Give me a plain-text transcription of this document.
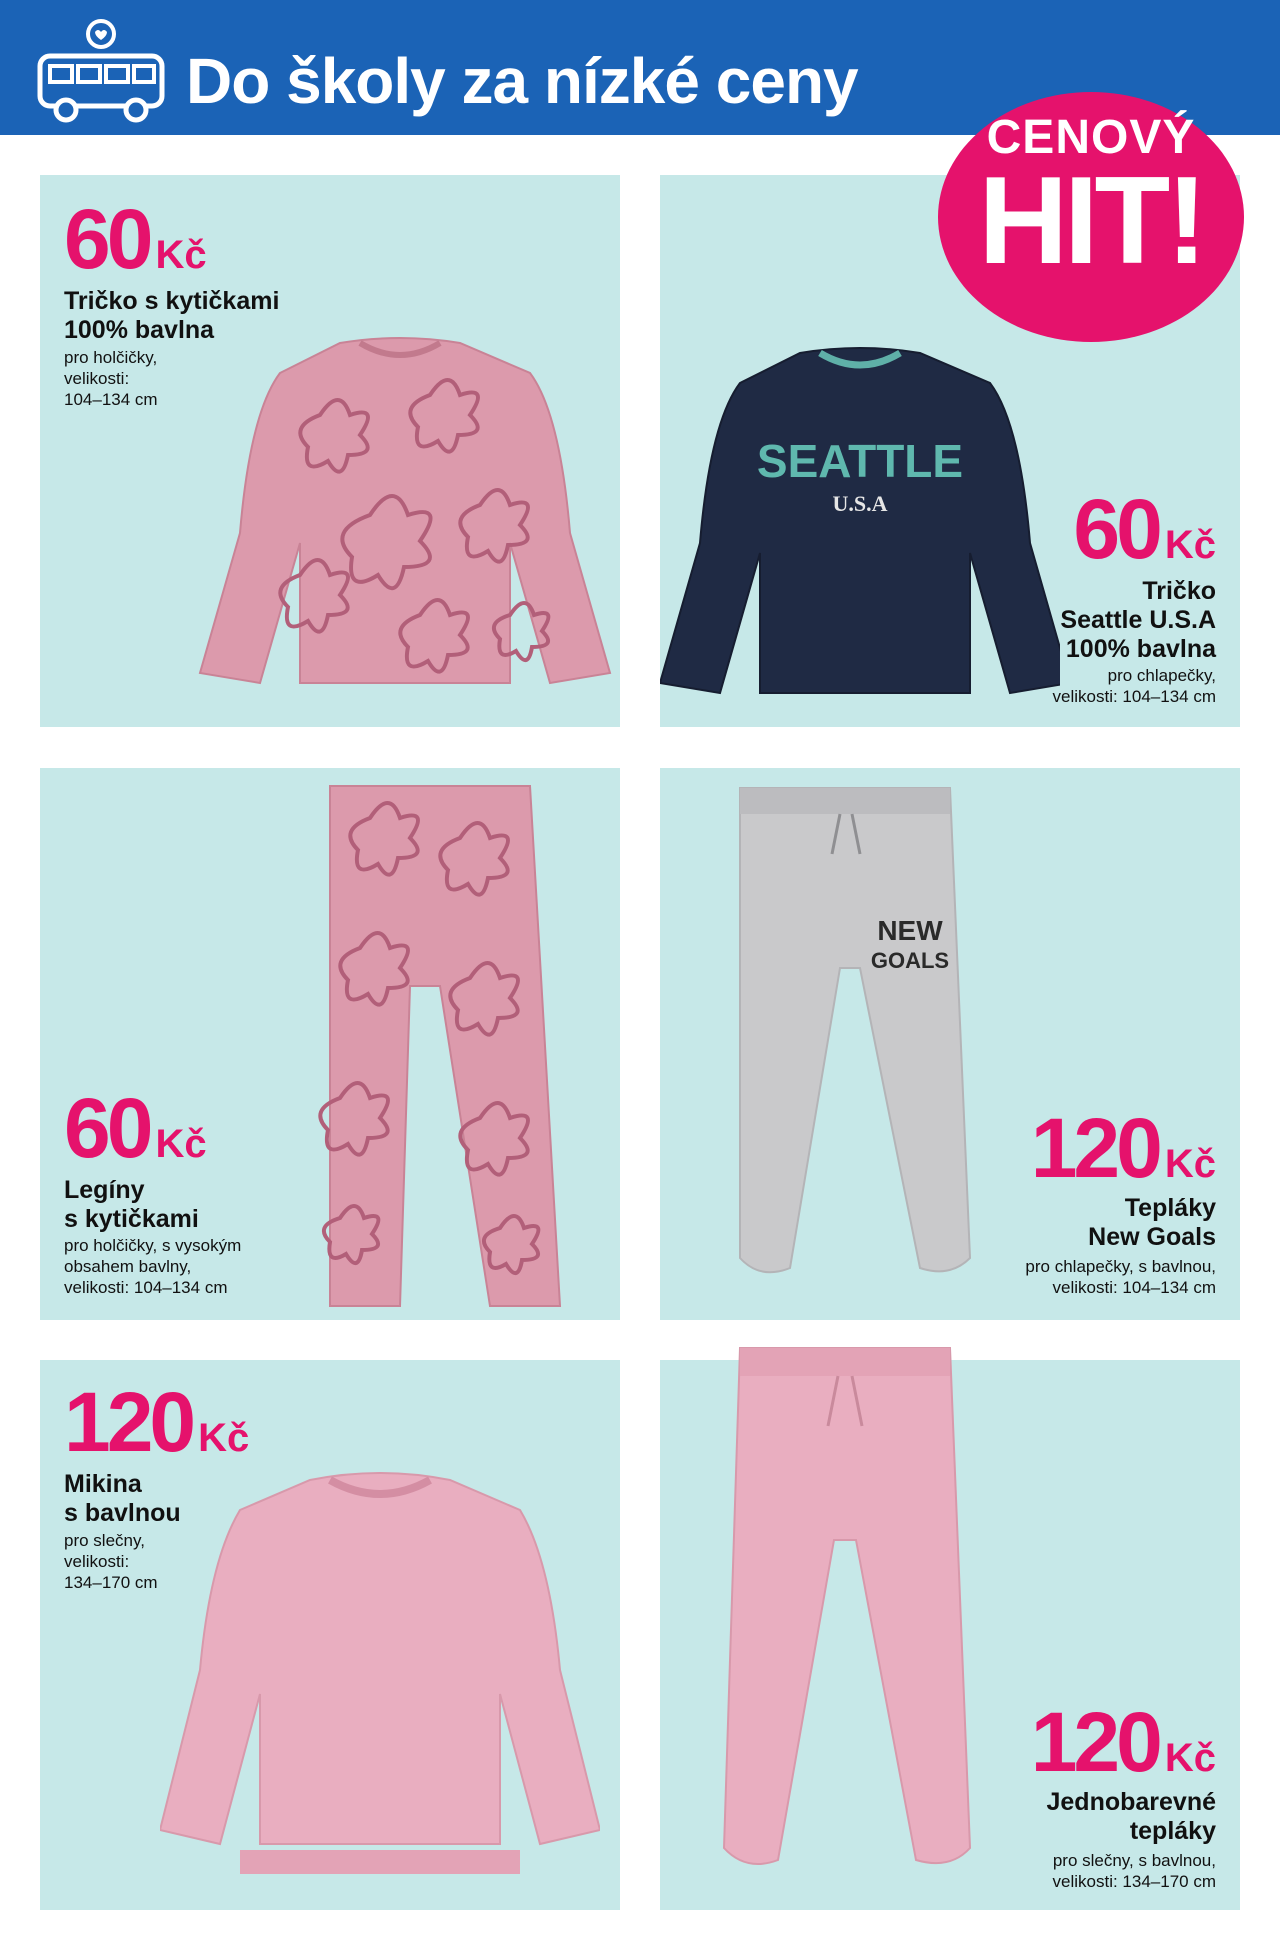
Do školy za nízké ceny
60 Kč
Tričko s kytičkami
100% bavlna
pro holčičky,
velikosti:
104–134 cm
SEATTLE
U.S.A 60 Kč
Tričko
Seattle U.S.A
100% bavlna
pro chlapečky,
velikosti: 104–134 cm
60 Kč
Legíny
s kytičkami
pro holčičky, s vysokým
obsahem bavlny,
velikosti: 104–134 cm
NEW
GOALS
120 Kč
Tepláky
New Goals
pro chlapečky, s bavlnou,
velikosti: 104–134 cm
120 Kč
Mikina
s bavlnou
pro slečny,
velikosti:
134–170 cm
120 Kč
Jednobarevné
tepláky
pro slečny, s bavlnou,
velikosti: 134–170 cm
CENOVÝ
HIT!
